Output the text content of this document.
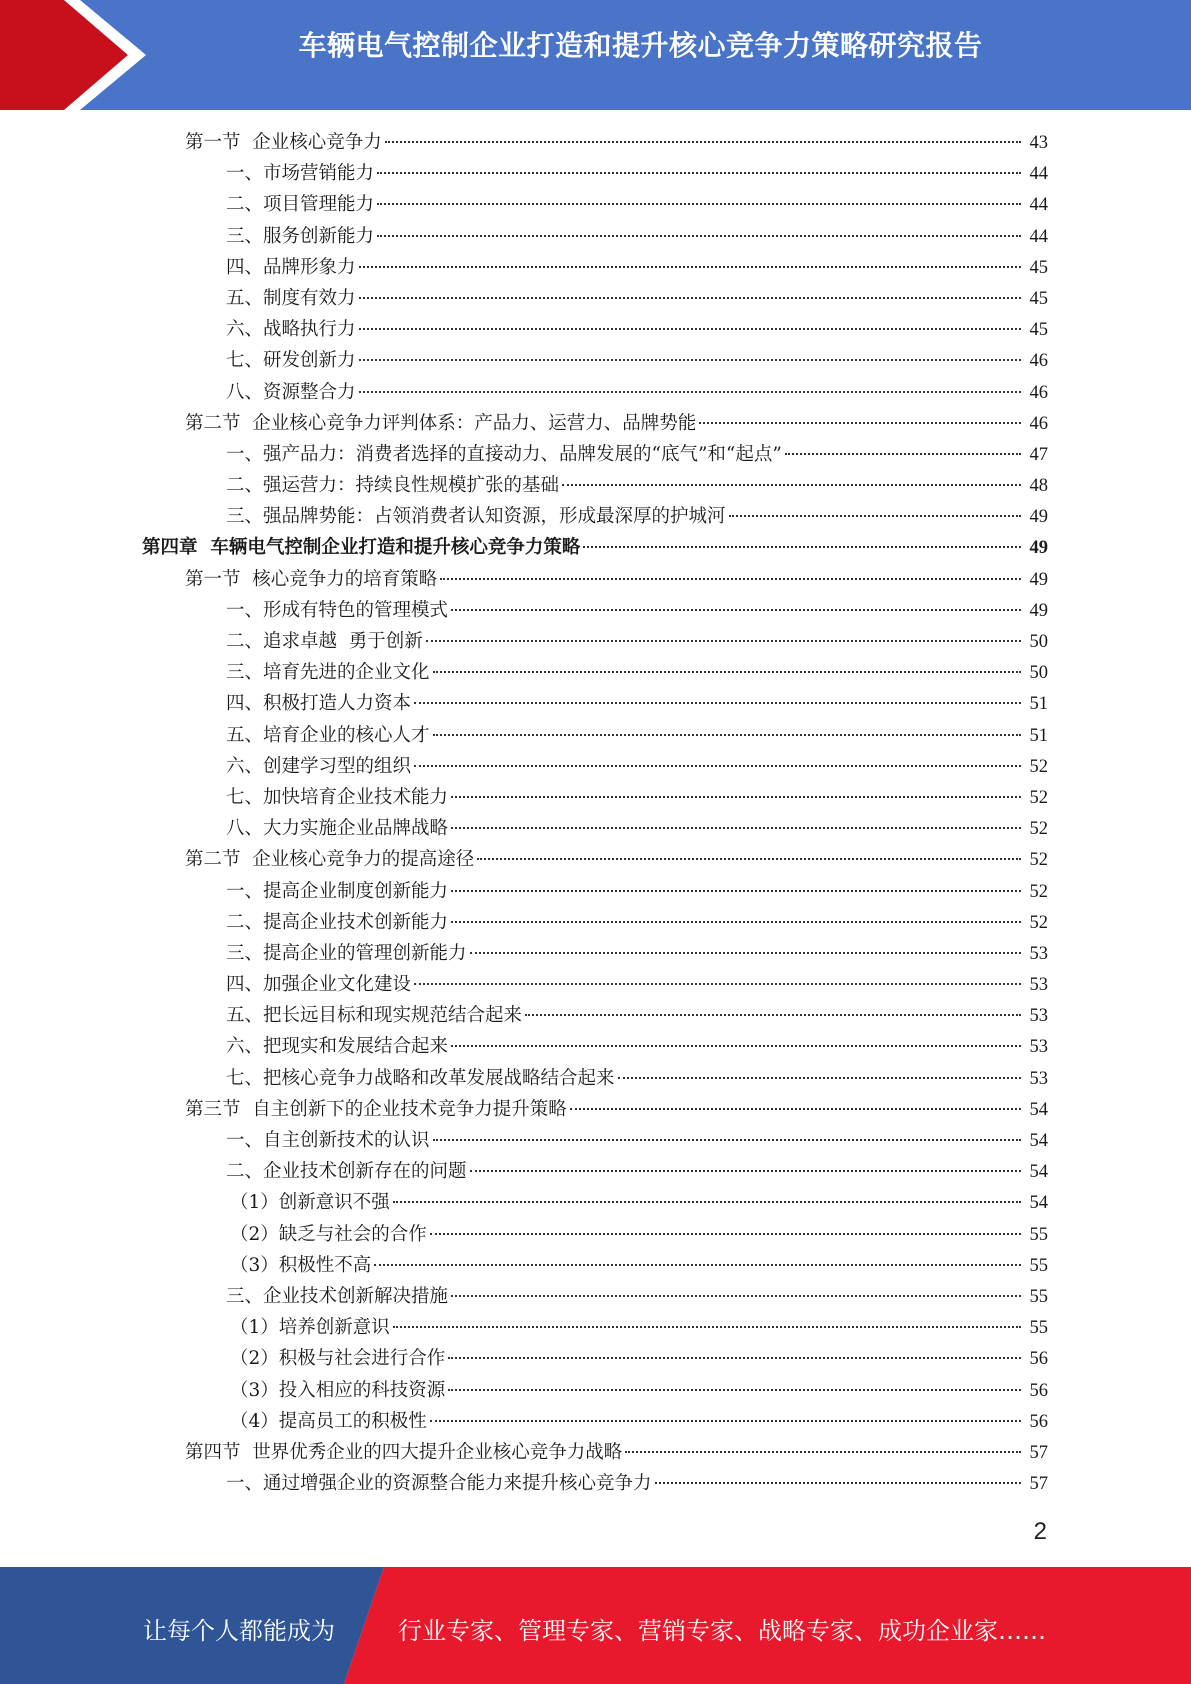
车辆电气控制企业打造和提升核心竞争力策略研究报告
第一节  企业核心竞争力	43
一、市场营销能力	44
二、项目管理能力	44
三、服务创新能力	44
四、品牌形象力	45
五、制度有效力	45
六、战略执行力	45
七、研发创新力	46
八、资源整合力	46
第二节  企业核心竞争力评判体系：产品力、运营力、品牌势能	46
一、强产品力：消费者选择的直接动力、品牌发展的“底气”和“起点”	47
二、强运营力：持续良性规模扩张的基础	48
三、强品牌势能：占领消费者认知资源，形成最深厚的护城河	49
第四章  车辆电气控制企业打造和提升核心竞争力策略	49
第一节  核心竞争力的培育策略	49
一、形成有特色的管理模式	49
二、追求卓越  勇于创新	50
三、培育先进的企业文化	50
四、积极打造人力资本	51
五、培育企业的核心人才	51
六、创建学习型的组织	52
七、加快培育企业技术能力	52
八、大力实施企业品牌战略	52
第二节  企业核心竞争力的提高途径	52
一、提高企业制度创新能力	52
二、提高企业技术创新能力	52
三、提高企业的管理创新能力	53
四、加强企业文化建设	53
五、把长远目标和现实规范结合起来	53
六、把现实和发展结合起来	53
七、把核心竞争力战略和改革发展战略结合起来	53
第三节  自主创新下的企业技术竞争力提升策略	54
一、自主创新技术的认识	54
二、企业技术创新存在的问题	54
（1）创新意识不强	54
（2）缺乏与社会的合作	55
（3）积极性不高	55
三、企业技术创新解决措施	55
（1）培养创新意识	55
（2）积极与社会进行合作	56
（3）投入相应的科技资源	56
（4）提高员工的积极性	56
第四节  世界优秀企业的四大提升企业核心竞争力战略	57
一、通过增强企业的资源整合能力来提升核心竞争力	57
2
让每个人都能成为	行业专家、管理专家、营销专家、战略专家、成功企业家……
